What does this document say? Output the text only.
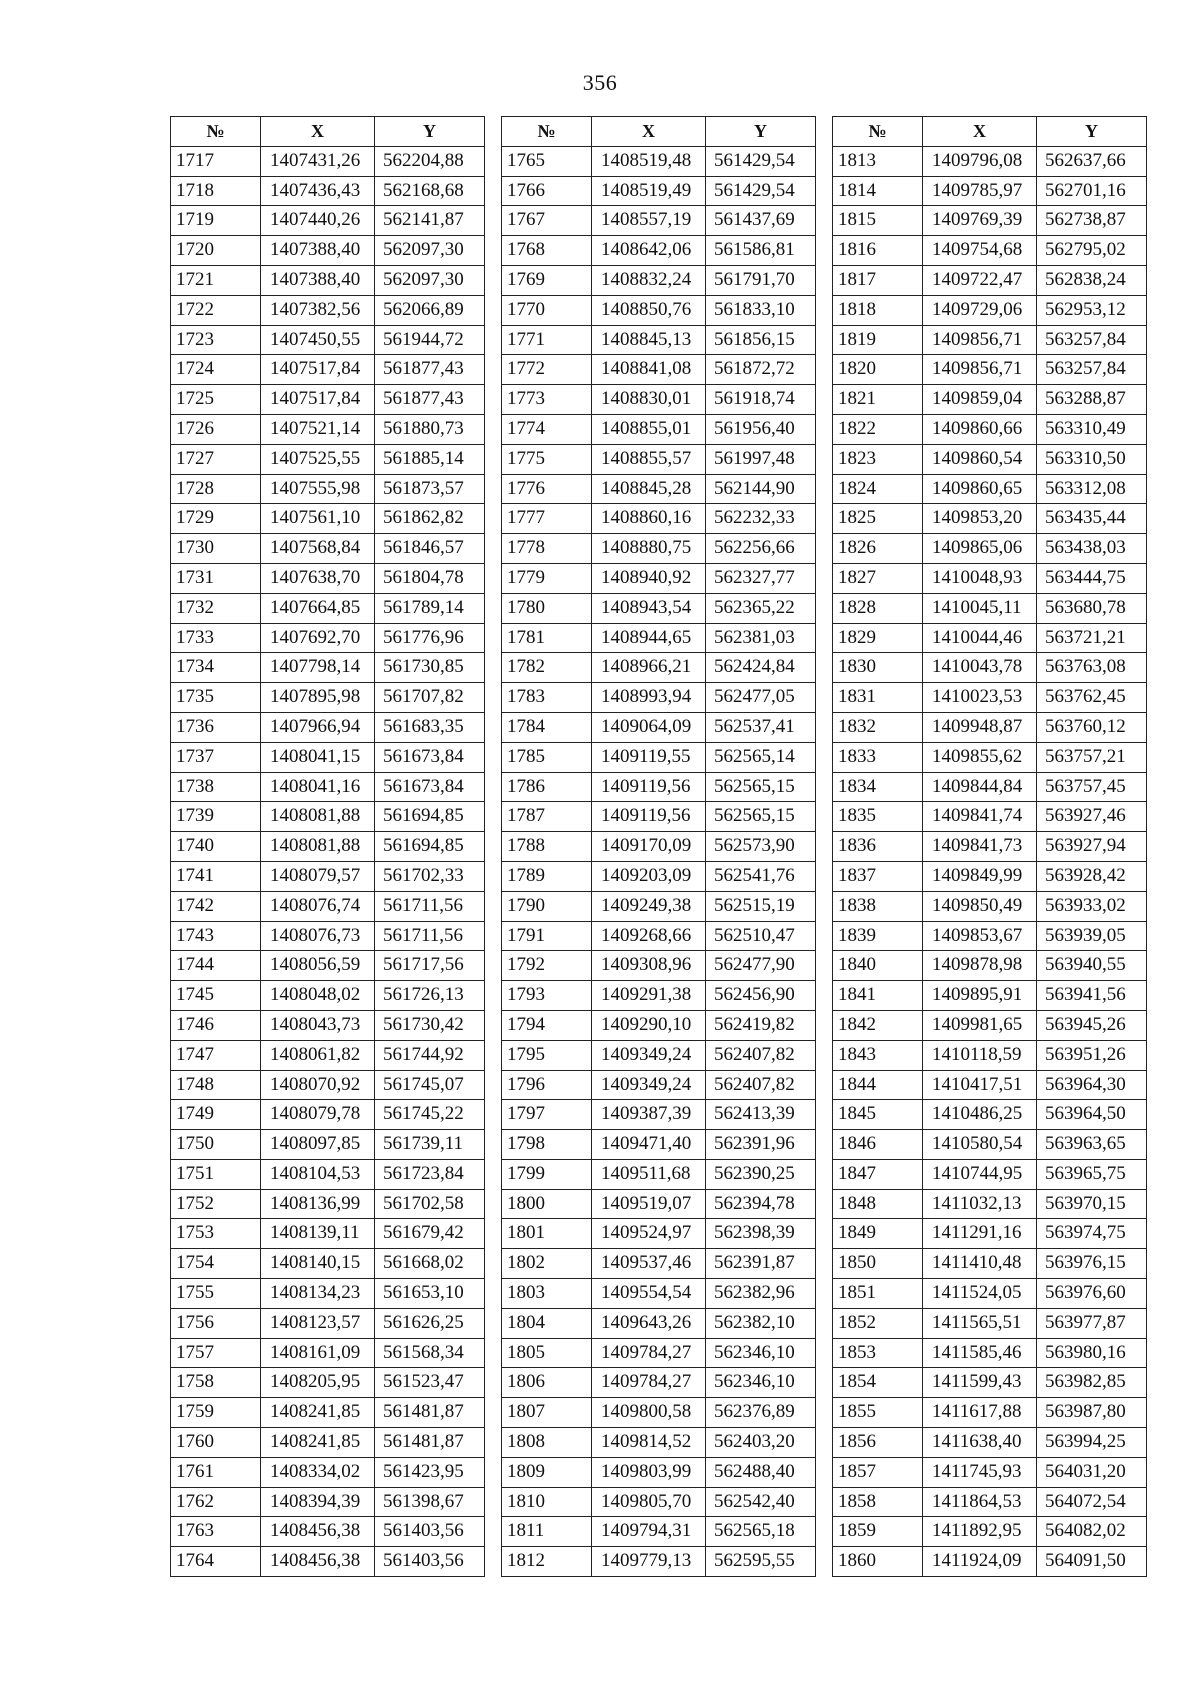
356
№	X	Y
1717	1407431,26	562204,88
1718	1407436,43	562168,68
1719	1407440,26	562141,87
1720	1407388,40	562097,30
1721	1407388,40	562097,30
1722	1407382,56	562066,89
1723	1407450,55	561944,72
1724	1407517,84	561877,43
1725	1407517,84	561877,43
1726	1407521,14	561880,73
1727	1407525,55	561885,14
1728	1407555,98	561873,57
1729	1407561,10	561862,82
1730	1407568,84	561846,57
1731	1407638,70	561804,78
1732	1407664,85	561789,14
1733	1407692,70	561776,96
1734	1407798,14	561730,85
1735	1407895,98	561707,82
1736	1407966,94	561683,35
1737	1408041,15	561673,84
1738	1408041,16	561673,84
1739	1408081,88	561694,85
1740	1408081,88	561694,85
1741	1408079,57	561702,33
1742	1408076,74	561711,56
1743	1408076,73	561711,56
1744	1408056,59	561717,56
1745	1408048,02	561726,13
1746	1408043,73	561730,42
1747	1408061,82	561744,92
1748	1408070,92	561745,07
1749	1408079,78	561745,22
1750	1408097,85	561739,11
1751	1408104,53	561723,84
1752	1408136,99	561702,58
1753	1408139,11	561679,42
1754	1408140,15	561668,02
1755	1408134,23	561653,10
1756	1408123,57	561626,25
1757	1408161,09	561568,34
1758	1408205,95	561523,47
1759	1408241,85	561481,87
1760	1408241,85	561481,87
1761	1408334,02	561423,95
1762	1408394,39	561398,67
1763	1408456,38	561403,56
1764	1408456,38	561403,56
№	X	Y
1765	1408519,48	561429,54
1766	1408519,49	561429,54
1767	1408557,19	561437,69
1768	1408642,06	561586,81
1769	1408832,24	561791,70
1770	1408850,76	561833,10
1771	1408845,13	561856,15
1772	1408841,08	561872,72
1773	1408830,01	561918,74
1774	1408855,01	561956,40
1775	1408855,57	561997,48
1776	1408845,28	562144,90
1777	1408860,16	562232,33
1778	1408880,75	562256,66
1779	1408940,92	562327,77
1780	1408943,54	562365,22
1781	1408944,65	562381,03
1782	1408966,21	562424,84
1783	1408993,94	562477,05
1784	1409064,09	562537,41
1785	1409119,55	562565,14
1786	1409119,56	562565,15
1787	1409119,56	562565,15
1788	1409170,09	562573,90
1789	1409203,09	562541,76
1790	1409249,38	562515,19
1791	1409268,66	562510,47
1792	1409308,96	562477,90
1793	1409291,38	562456,90
1794	1409290,10	562419,82
1795	1409349,24	562407,82
1796	1409349,24	562407,82
1797	1409387,39	562413,39
1798	1409471,40	562391,96
1799	1409511,68	562390,25
1800	1409519,07	562394,78
1801	1409524,97	562398,39
1802	1409537,46	562391,87
1803	1409554,54	562382,96
1804	1409643,26	562382,10
1805	1409784,27	562346,10
1806	1409784,27	562346,10
1807	1409800,58	562376,89
1808	1409814,52	562403,20
1809	1409803,99	562488,40
1810	1409805,70	562542,40
1811	1409794,31	562565,18
1812	1409779,13	562595,55
№	X	Y
1813	1409796,08	562637,66
1814	1409785,97	562701,16
1815	1409769,39	562738,87
1816	1409754,68	562795,02
1817	1409722,47	562838,24
1818	1409729,06	562953,12
1819	1409856,71	563257,84
1820	1409856,71	563257,84
1821	1409859,04	563288,87
1822	1409860,66	563310,49
1823	1409860,54	563310,50
1824	1409860,65	563312,08
1825	1409853,20	563435,44
1826	1409865,06	563438,03
1827	1410048,93	563444,75
1828	1410045,11	563680,78
1829	1410044,46	563721,21
1830	1410043,78	563763,08
1831	1410023,53	563762,45
1832	1409948,87	563760,12
1833	1409855,62	563757,21
1834	1409844,84	563757,45
1835	1409841,74	563927,46
1836	1409841,73	563927,94
1837	1409849,99	563928,42
1838	1409850,49	563933,02
1839	1409853,67	563939,05
1840	1409878,98	563940,55
1841	1409895,91	563941,56
1842	1409981,65	563945,26
1843	1410118,59	563951,26
1844	1410417,51	563964,30
1845	1410486,25	563964,50
1846	1410580,54	563963,65
1847	1410744,95	563965,75
1848	1411032,13	563970,15
1849	1411291,16	563974,75
1850	1411410,48	563976,15
1851	1411524,05	563976,60
1852	1411565,51	563977,87
1853	1411585,46	563980,16
1854	1411599,43	563982,85
1855	1411617,88	563987,80
1856	1411638,40	563994,25
1857	1411745,93	564031,20
1858	1411864,53	564072,54
1859	1411892,95	564082,02
1860	1411924,09	564091,50
